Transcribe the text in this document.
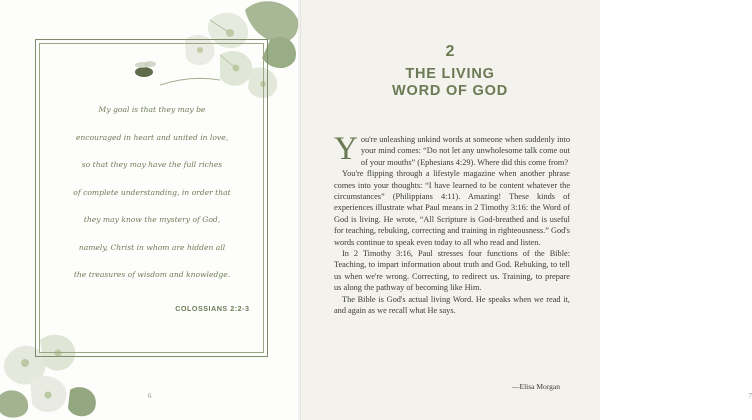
My goal is that they may be
encouraged in heart and united in love,
so that they may have the full riches
of complete understanding, in order that
they may know the mystery of God,
namely, Christ in whom are hidden all
the treasures of wisdom and knowledge.
COLOSSIANS 2:2-3
6	7
—Elisa Morgan
2
THE LIVING
WORD OF GOD

You're unleashing unkind words at someone when suddenly into your mind comes: “Do not let any unwholesome talk come out of your mouths” (Ephesians 4:29). Where did this come from?

You're flipping through a lifestyle magazine when another phrase comes into your thoughts: “I have learned to be content whatever the circumstances” (Philippians 4:11). Amazing! These kinds of experiences illustrate what Paul means in 2 Timothy 3:16: the Word of God is living. He wrote, “All Scripture is God-breathed and is useful for teaching, rebuking, correcting and training in righteousness.” God's words continue to speak even today to all who read and listen.

In 2 Timothy 3:16, Paul stresses four functions of the Bible: Teaching, to impart information about truth and God. Rebuking, to tell us when we're wrong. Correcting, to redirect us. Training, to prepare us along the pathway of becoming like Him.

The Bible is God's actual living Word. He speaks when we read it, and again as we recall what He says.
